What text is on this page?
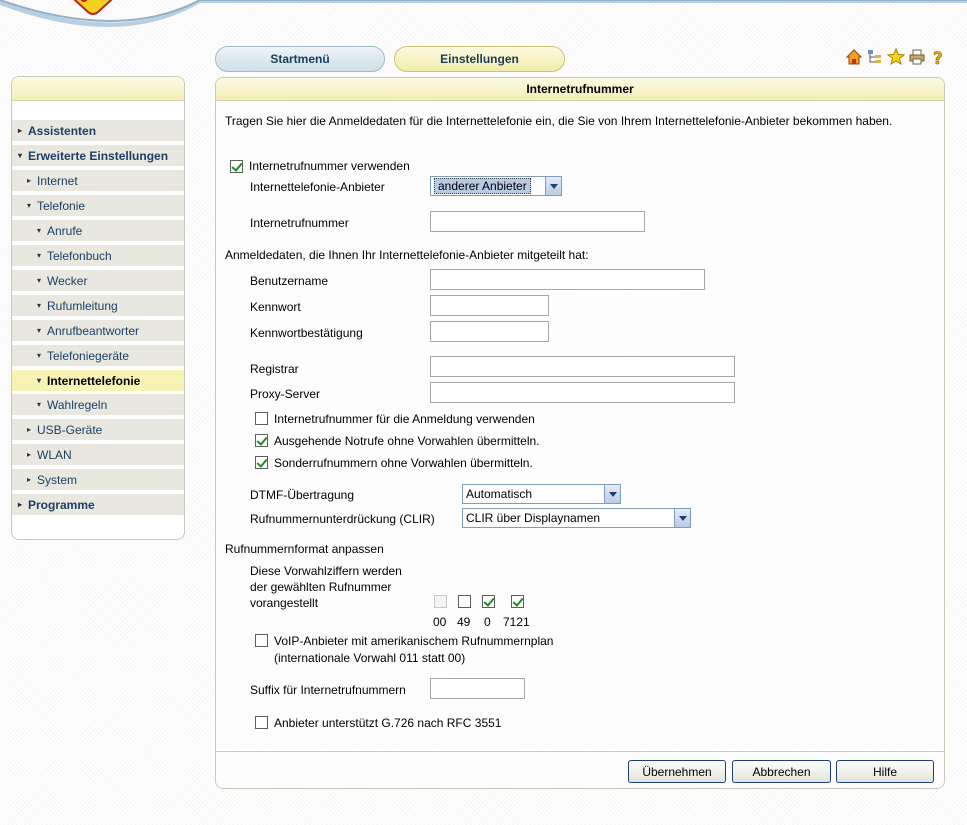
Startmenü	Einstellungen	?
▸ Assistenten
▾ Erweiterte Einstellungen
▸ Internet
▾ Telefonie
▾ Anrufe
▾ Telefonbuch
▾ Wecker
▾ Rufumleitung
▾ Anrufbeantworter
▾ Telefoniegeräte
▾ Internettelefonie
▾ Wahlregeln
▸ USB-Geräte
▸ WLAN
▸ System
▸ Programme
Internetrufnummer
Tragen Sie hier die Anmeldedaten für die Internettelefonie ein, die Sie von Ihrem Internettelefonie-Anbieter bekommen haben.
Internetrufnummer verwenden
Internettelefonie-Anbieter	anderer Anbieter
Internetrufnummer
Anmeldedaten, die Ihnen Ihr Internettelefonie-Anbieter mitgeteilt hat:
Benutzername
Kennwort
Kennwortbestätigung
Registrar
Proxy-Server
Internetrufnummer für die Anmeldung verwenden
Ausgehende Notrufe ohne Vorwahlen übermitteln.
Sonderrufnummern ohne Vorwahlen übermitteln.
DTMF-Übertragung	Automatisch
Rufnummernunterdrückung (CLIR)	CLIR über Displaynamen
Rufnummernformat anpassen
Diese Vorwahlziffern werden
der gewählten Rufnummer
vorangestellt
00 49 0 7121
VoIP-Anbieter mit amerikanischem Rufnummernplan
(internationale Vorwahl 011 statt 00)
Suffix für Internetrufnummern
Anbieter unterstützt G.726 nach RFC 3551
Übernehmen	Abbrechen	Hilfe
